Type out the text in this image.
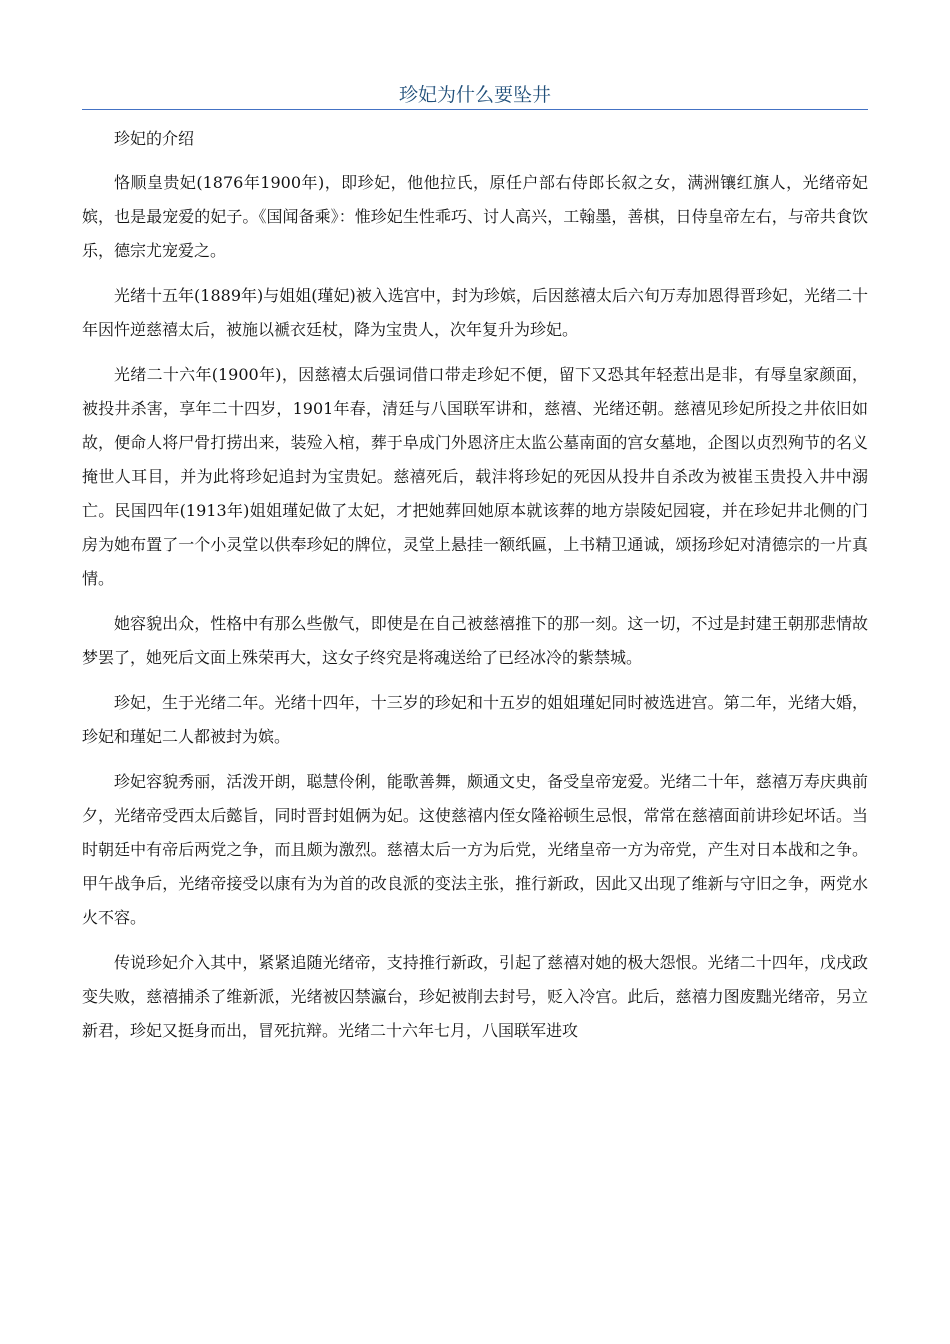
珍妃为什么要坠井

珍妃的介绍

恪顺皇贵妃(1876年1900年)，即珍妃，他他拉氏，原任户部右侍郎长叙之女，满洲镶红旗人，光绪帝妃嫔，也是最宠爱的妃子。《国闻备乘》：惟珍妃生性乖巧、讨人高兴，工翰墨，善棋，日侍皇帝左右，与帝共食饮乐，德宗尤宠爱之。

光绪十五年(1889年)与姐姐(瑾妃)被入选宫中，封为珍嫔，后因慈禧太后六旬万寿加恩得晋珍妃，光绪二十年因忤逆慈禧太后，被施以褫衣廷杖，降为宝贵人，次年复升为珍妃。

光绪二十六年(1900年)，因慈禧太后强词借口带走珍妃不便，留下又恐其年轻惹出是非，有辱皇家颜面，被投井杀害，享年二十四岁，1901年春，清廷与八国联军讲和，慈禧、光绪还朝。慈禧见珍妃所投之井依旧如故，便命人将尸骨打捞出来，装殓入棺，葬于阜成门外恩济庄太监公墓南面的宫女墓地，企图以贞烈殉节的名义掩世人耳目，并为此将珍妃追封为宝贵妃。慈禧死后，载沣将珍妃的死因从投井自杀改为被崔玉贵投入井中溺亡。民国四年(1913年)姐姐瑾妃做了太妃，才把她葬回她原本就该葬的地方崇陵妃园寝，并在珍妃井北侧的门房为她布置了一个小灵堂以供奉珍妃的牌位，灵堂上悬挂一额纸匾，上书精卫通诚，颂扬珍妃对清德宗的一片真情。

她容貌出众，性格中有那么些傲气，即使是在自己被慈禧推下的那一刻。这一切，不过是封建王朝那悲情故梦罢了，她死后文面上殊荣再大，这女子终究是将魂送给了已经冰冷的紫禁城。

珍妃，生于光绪二年。光绪十四年，十三岁的珍妃和十五岁的姐姐瑾妃同时被选进宫。第二年，光绪大婚，珍妃和瑾妃二人都被封为嫔。

珍妃容貌秀丽，活泼开朗，聪慧伶俐，能歌善舞，颇通文史，备受皇帝宠爱。光绪二十年，慈禧万寿庆典前夕，光绪帝受西太后懿旨，同时晋封姐俩为妃。这使慈禧内侄女隆裕顿生忌恨，常常在慈禧面前讲珍妃坏话。当时朝廷中有帝后两党之争，而且颇为激烈。慈禧太后一方为后党，光绪皇帝一方为帝党，产生对日本战和之争。甲午战争后，光绪帝接受以康有为为首的改良派的变法主张，推行新政，因此又出现了维新与守旧之争，两党水火不容。

传说珍妃介入其中，紧紧追随光绪帝，支持推行新政，引起了慈禧对她的极大怨恨。光绪二十四年，戊戌政变失败，慈禧捕杀了维新派，光绪被囚禁瀛台，珍妃被削去封号，贬入冷宫。此后，慈禧力图废黜光绪帝，另立新君，珍妃又挺身而出，冒死抗辩。光绪二十六年七月，八国联军进攻
